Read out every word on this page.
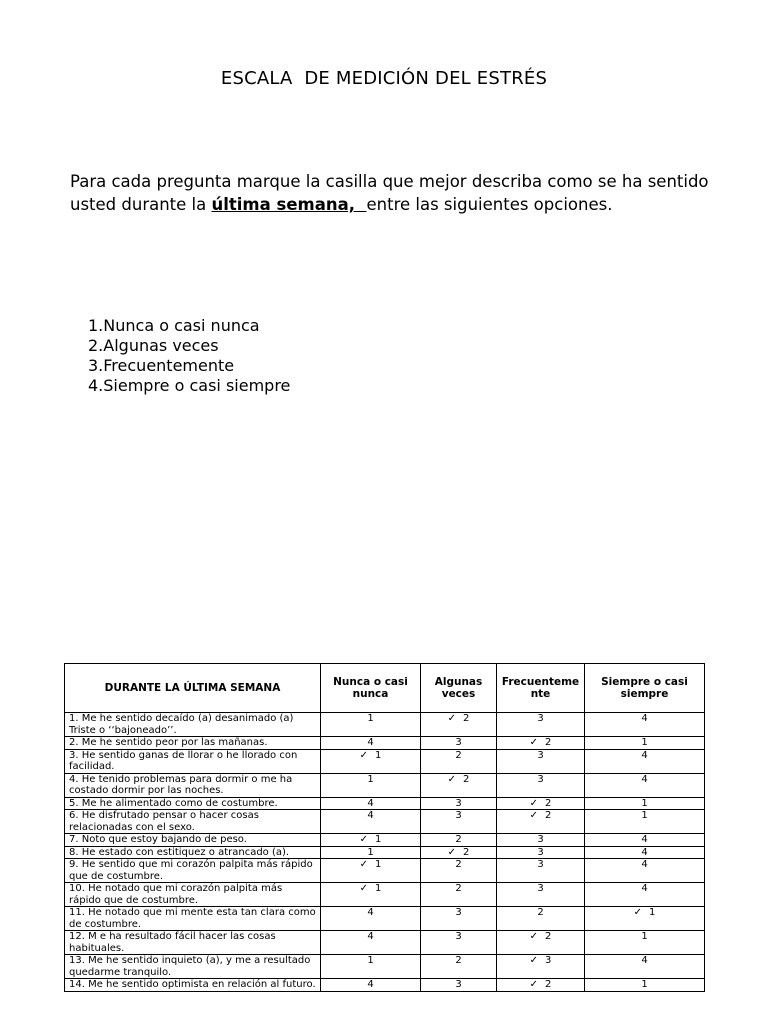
ESCALA  DE MEDICIÓN DEL ESTRÉS

Para cada pregunta marque la casilla que mejor describa como se ha sentido usted durante la última semana,  entre las siguientes opciones.

1.Nunca o casi nunca
2.Algunas veces
3.Frecuentemente
4.Siempre o casi siempre
DURANTE LA ÚLTIMA SEMANA	Nunca o casi nunca	Algunas veces	Frecuenteme nte	Siempre o casi siempre
1. Me he sentido decaído (a) desanimado (a) Triste o ‘‘bajoneado’’.	1	✓ 2	3	4
2. Me he sentido peor por las mañanas.	4	3	✓ 2	1
3. He sentido ganas de llorar o he llorado con facilidad.	✓ 1	2	3	4
4. He tenido problemas para dormir o me ha costado dormir por las noches.	1	✓ 2	3	4
5. Me he alimentado como de costumbre.	4	3	✓ 2	1
6. He disfrutado pensar o hacer cosas relacionadas con el sexo.	4	3	✓ 2	1
7. Noto que estoy bajando de peso.	✓ 1	2	3	4
8. He estado con estitiquez o atrancado (a).	1	✓ 2	3	4
9. He sentido que mi corazón palpita más rápido que de costumbre.	✓ 1	2	3	4
10. He notado que mi corazón palpita más rápido que de costumbre.	✓ 1	2	3	4
11. He notado que mi mente esta tan clara como de costumbre.	4	3	2	✓ 1
12. M e ha resultado fácil hacer las cosas habituales.	4	3	✓ 2	1
13. Me he sentido inquieto (a), y me a resultado quedarme tranquilo.	1	2	✓ 3	4
14. Me he sentido optimista en relación al futuro.	4	3	✓ 2	1
